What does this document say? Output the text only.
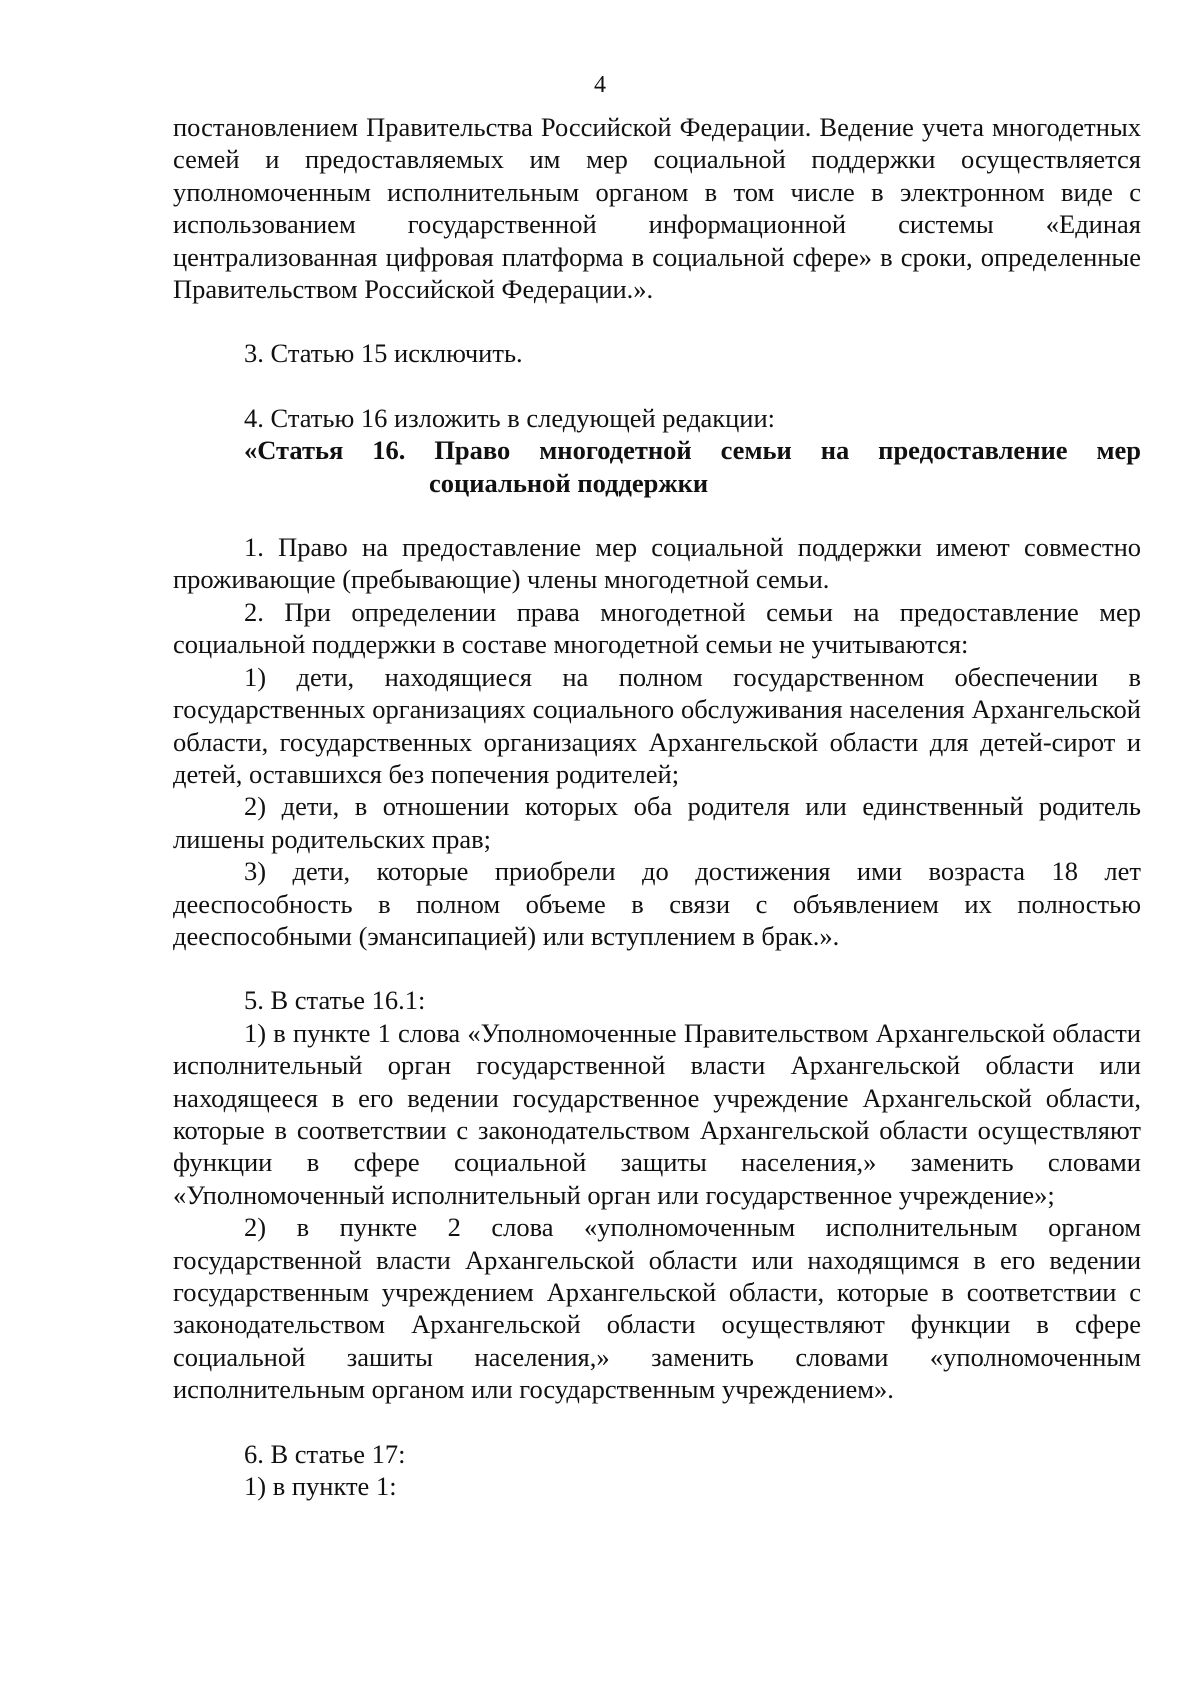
4

постановлением Правительства Российской Федерации. Ведение учета многодетных семей и предоставляемых им мер социальной поддержки осуществляется уполномоченным исполнительным органом в том числе в электронном виде с использованием государственной информационной системы «Единая централизованная цифровая платформа в социальной сфере» в сроки, определенные Правительством Российской Федерации.».

3. Статью 15 исключить.

4. Статью 16 изложить в следующей редакции:

«Статья 16. Право многодетной семьи на предоставление мер
социальной поддержки

1. Право на предоставление мер социальной поддержки имеют совместно проживающие (пребывающие) члены многодетной семьи.

2. При определении права многодетной семьи на предоставление мер социальной поддержки в составе многодетной семьи не учитываются:

1) дети, находящиеся на полном государственном обеспечении в государственных организациях социального обслуживания населения Архангельской области, государственных организациях Архангельской области для детей-сирот и детей, оставшихся без попечения родителей;

2) дети, в отношении которых оба родителя или единственный родитель лишены родительских прав;

3) дети, которые приобрели до достижения ими возраста 18 лет дееспособность в полном объеме в связи с объявлением их полностью дееспособными (эмансипацией) или вступлением в брак.».

5. В статье 16.1:

1) в пункте 1 слова «Уполномоченные Правительством Архангельской области исполнительный орган государственной власти Архангельской области или находящееся в его ведении государственное учреждение Архангельской области, которые в соответствии с законодательством Архангельской области осуществляют функции в сфере социальной защиты населения,» заменить словами «Уполномоченный исполнительный орган или государственное учреждение»;

2) в пункте 2 слова «уполномоченным исполнительным органом государственной власти Архангельской области или находящимся в его ведении государственным учреждением Архангельской области, которые в соответствии с законодательством Архангельской области осуществляют функции в сфере социальной зашиты населения,» заменить словами «уполномоченным исполнительным органом или государственным учреждением».

6. В статье 17:

1) в пункте 1:
